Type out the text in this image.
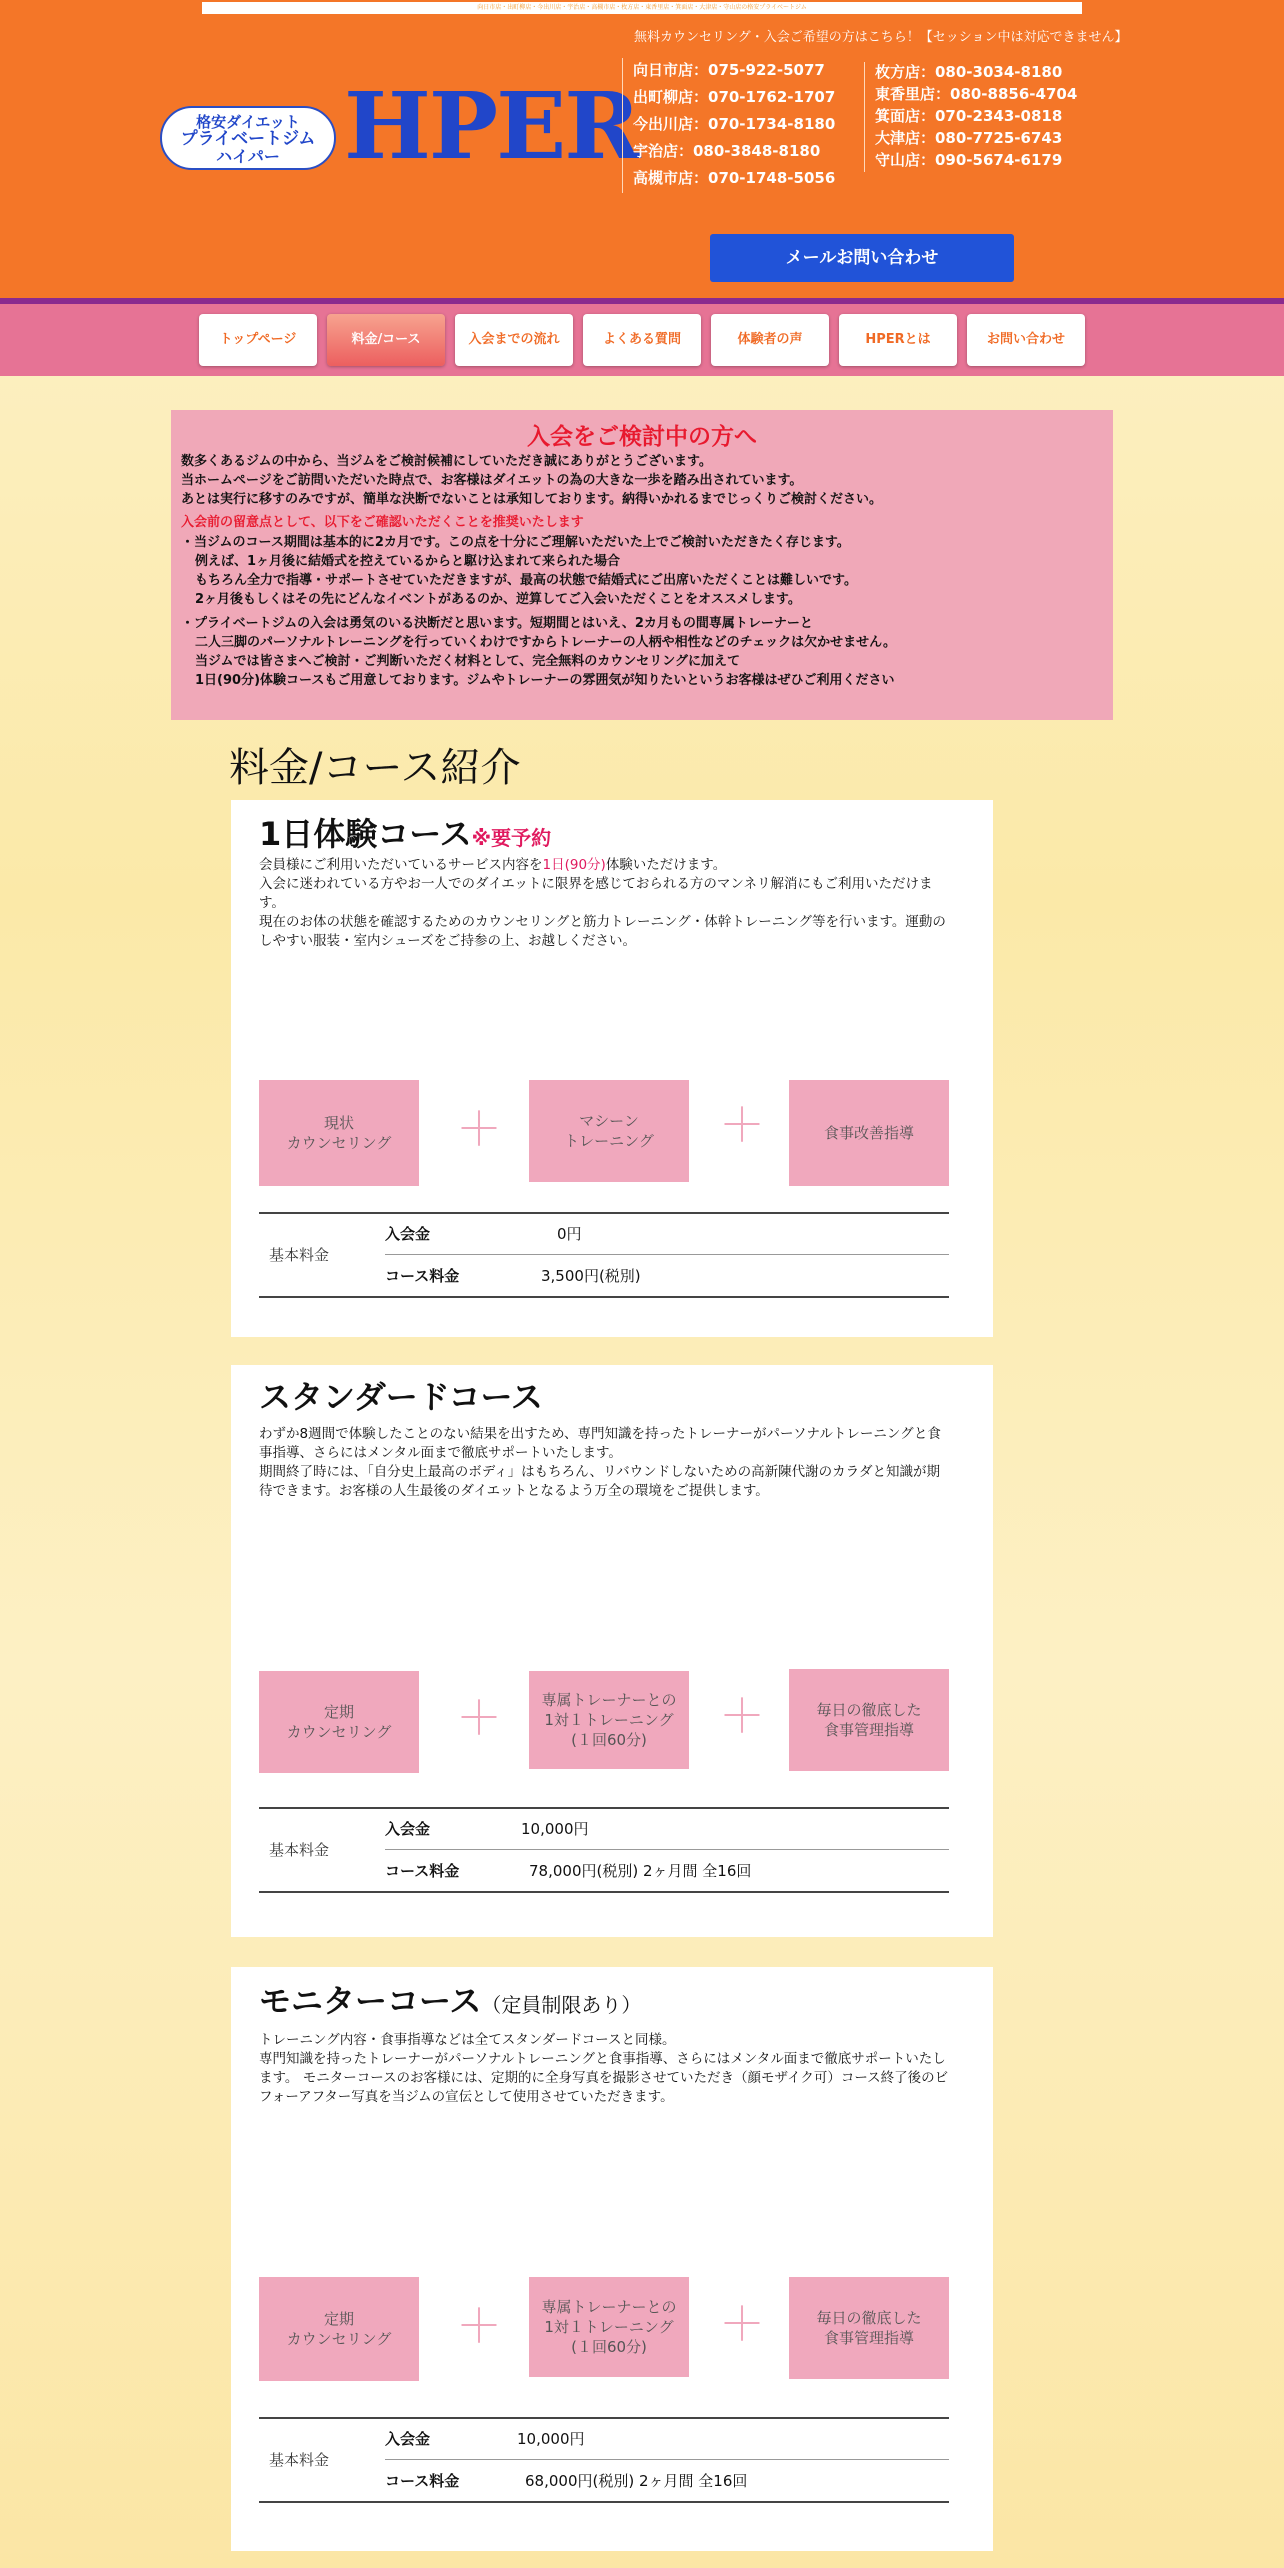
向日市店・出町柳店・今出川店・宇治店・高槻市店・枚方店・東香里店・箕面店・大津店・守山店の格安プライベートジム
無料カウンセリング・入会ご希望の方はこちら！【セッション中は対応できません】
格安ダイエット
プライベートジム
ハイパー HPER
向日市店：075-922-5077
出町柳店：070-1762-1707
今出川店：070-1734-8180
宇治店：080-3848-8180
高槻市店：070-1748-5056
枚方店：080-3034-8180
東香里店：080-8856-4704
箕面店：070-2343-0818
大津店：080-7725-6743
守山店：090-5674-6179
メールお問い合わせ
トップページ	料金/コース	入会までの流れ	よくある質問	体験者の声	HPERとは	お問い合わせ
入会をご検討中の方へ
数多くあるジムの中から、当ジムをご検討候補にしていただき誠にありがとうございます。
当ホームページをご訪問いただいた時点で、お客様はダイエットの為の大きな一歩を踏み出されています。
あとは実行に移すのみですが、簡単な決断でないことは承知しております。納得いかれるまでじっくりご検討ください。
入会前の留意点として、以下をご確認いただくことを推奨いたします
・当ジムのコース期間は基本的に2カ月です。この点を十分にご理解いただいた上でご検討いただきたく存じます。
例えば、1ヶ月後に結婚式を控えているからと駆け込まれて来られた場合
もちろん全力で指導・サポートさせていただきますが、最高の状態で結婚式にご出席いただくことは難しいです。
2ヶ月後もしくはその先にどんなイベントがあるのか、逆算してご入会いただくことをオススメします。
・プライベートジムの入会は勇気のいる決断だと思います。短期間とはいえ、2カ月もの間専属トレーナーと
二人三脚のパーソナルトレーニングを行っていくわけですからトレーナーの人柄や相性などのチェックは欠かせません。
当ジムでは皆さまへご検討・ご判断いただく材料として、完全無料のカウンセリングに加えて
1日(90分)体験コースもご用意しております。ジムやトレーナーの雰囲気が知りたいというお客様はぜひご利用ください
料金/コース紹介
1日体験コース※要予約
会員様にご利用いただいているサービス内容を1日(90分)体験いただけます。
入会に迷われている方やお一人でのダイエットに限界を感じておられる方のマンネリ解消にもご利用いただけます。
現在のお体の状態を確認するためのカウンセリングと筋力トレーニング・体幹トレーニング等を行います。運動のしやすい服装・室内シューズをご持参の上、お越しください。
現状
カウンセリング ＋	マシーン
トレーニング ＋	食事改善指導
基本料金
入会金	0円
コース料金	3,500円(税別)
スタンダードコース
わずか8週間で体験したことのない結果を出すため、専門知識を持ったトレーナーがパーソナルトレーニングと食事指導、さらにはメンタル面まで徹底サポートいたします。
期間終了時には、「自分史上最高のボディ」はもちろん、リバウンドしないための高新陳代謝のカラダと知識が期待できます。お客様の人生最後のダイエットとなるよう万全の環境をご提供します。
定期
カウンセリング ＋	専属トレーナーとの
1対１トレーニング
(１回60分)	＋	毎日の徹底した
食事管理指導
基本料金
入会金	10,000円
コース料金	78,000円(税別) 2ヶ月間 全16回
モニターコース（定員制限あり）
トレーニング内容・食事指導などは全てスタンダードコースと同様。
専門知識を持ったトレーナーがパーソナルトレーニングと食事指導、さらにはメンタル面まで徹底サポートいたします。 モニターコースのお客様には、定期的に全身写真を撮影させていただき（顔モザイク可）コース終了後のビフォーアフター写真を当ジムの宣伝として使用させていただきます。
定期
カウンセリング ＋	専属トレーナーとの
1対１トレーニング
(１回60分)	＋	毎日の徹底した
食事管理指導
基本料金
入会金	10,000円
コース料金	68,000円(税別) 2ヶ月間 全16回
